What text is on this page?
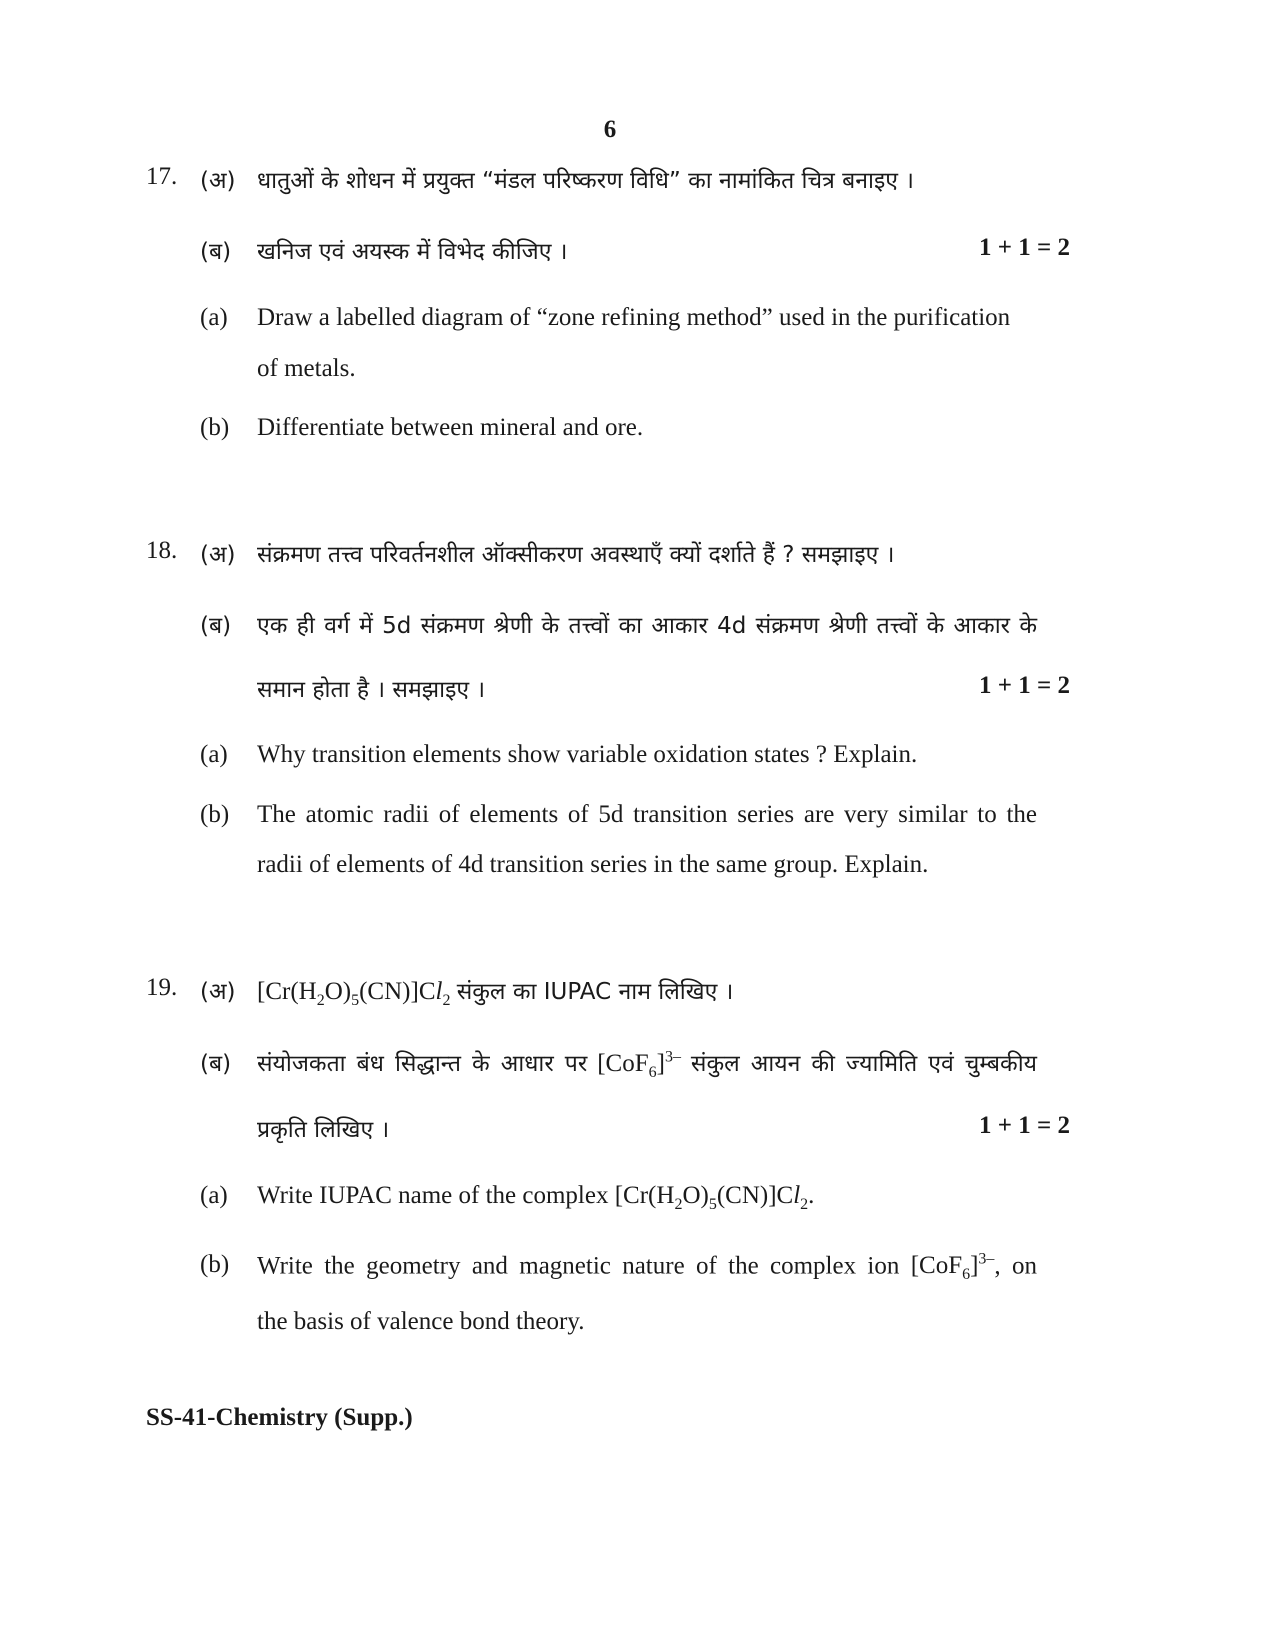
6
17. (अ) धातुओं के शोधन में प्रयुक्त “मंडल परिष्करण विधि” का नामांकित चित्र बनाइए ।
(ब) खनिज एवं अयस्क में विभेद कीजिए ।	1 + 1 = 2
(a) Draw a labelled diagram of “zone refining method” used in the purification
of metals.
(b) Differentiate between mineral and ore.
18. (अ) संक्रमण तत्त्व परिवर्तनशील ऑक्सीकरण अवस्थाएँ क्यों दर्शाते हैं ? समझाइए ।
(ब) एक ही वर्ग में 5d संक्रमण श्रेणी के तत्त्वों का आकार 4d संक्रमण श्रेणी तत्त्वों के आकार के
समान होता है । समझाइए ।	1 + 1 = 2
(a) Why transition elements show variable oxidation states ? Explain.
(b) The atomic radii of elements of 5d transition series are very similar to the
radii of elements of 4d transition series in the same group. Explain.
19. (अ) $[Cr(H_2O)_5(CN)]Cl_2$ संकुल का IUPAC नाम लिखिए ।
(ब) संयोजकता बंध सिद्धान्त के आधार पर $[CoF_6]^{3-}$ संकुल आयन की ज्यामिति एवं चुम्बकीय
प्रकृति लिखिए ।	1 + 1 = 2
(a) Write IUPAC name of the complex $[Cr(H_2O)_5(CN)]Cl_2$.
(b) Write the geometry and magnetic nature of the complex ion $[CoF_6]^{3-}$, on
the basis of valence bond theory.
SS-41-Chemistry (Supp.)
